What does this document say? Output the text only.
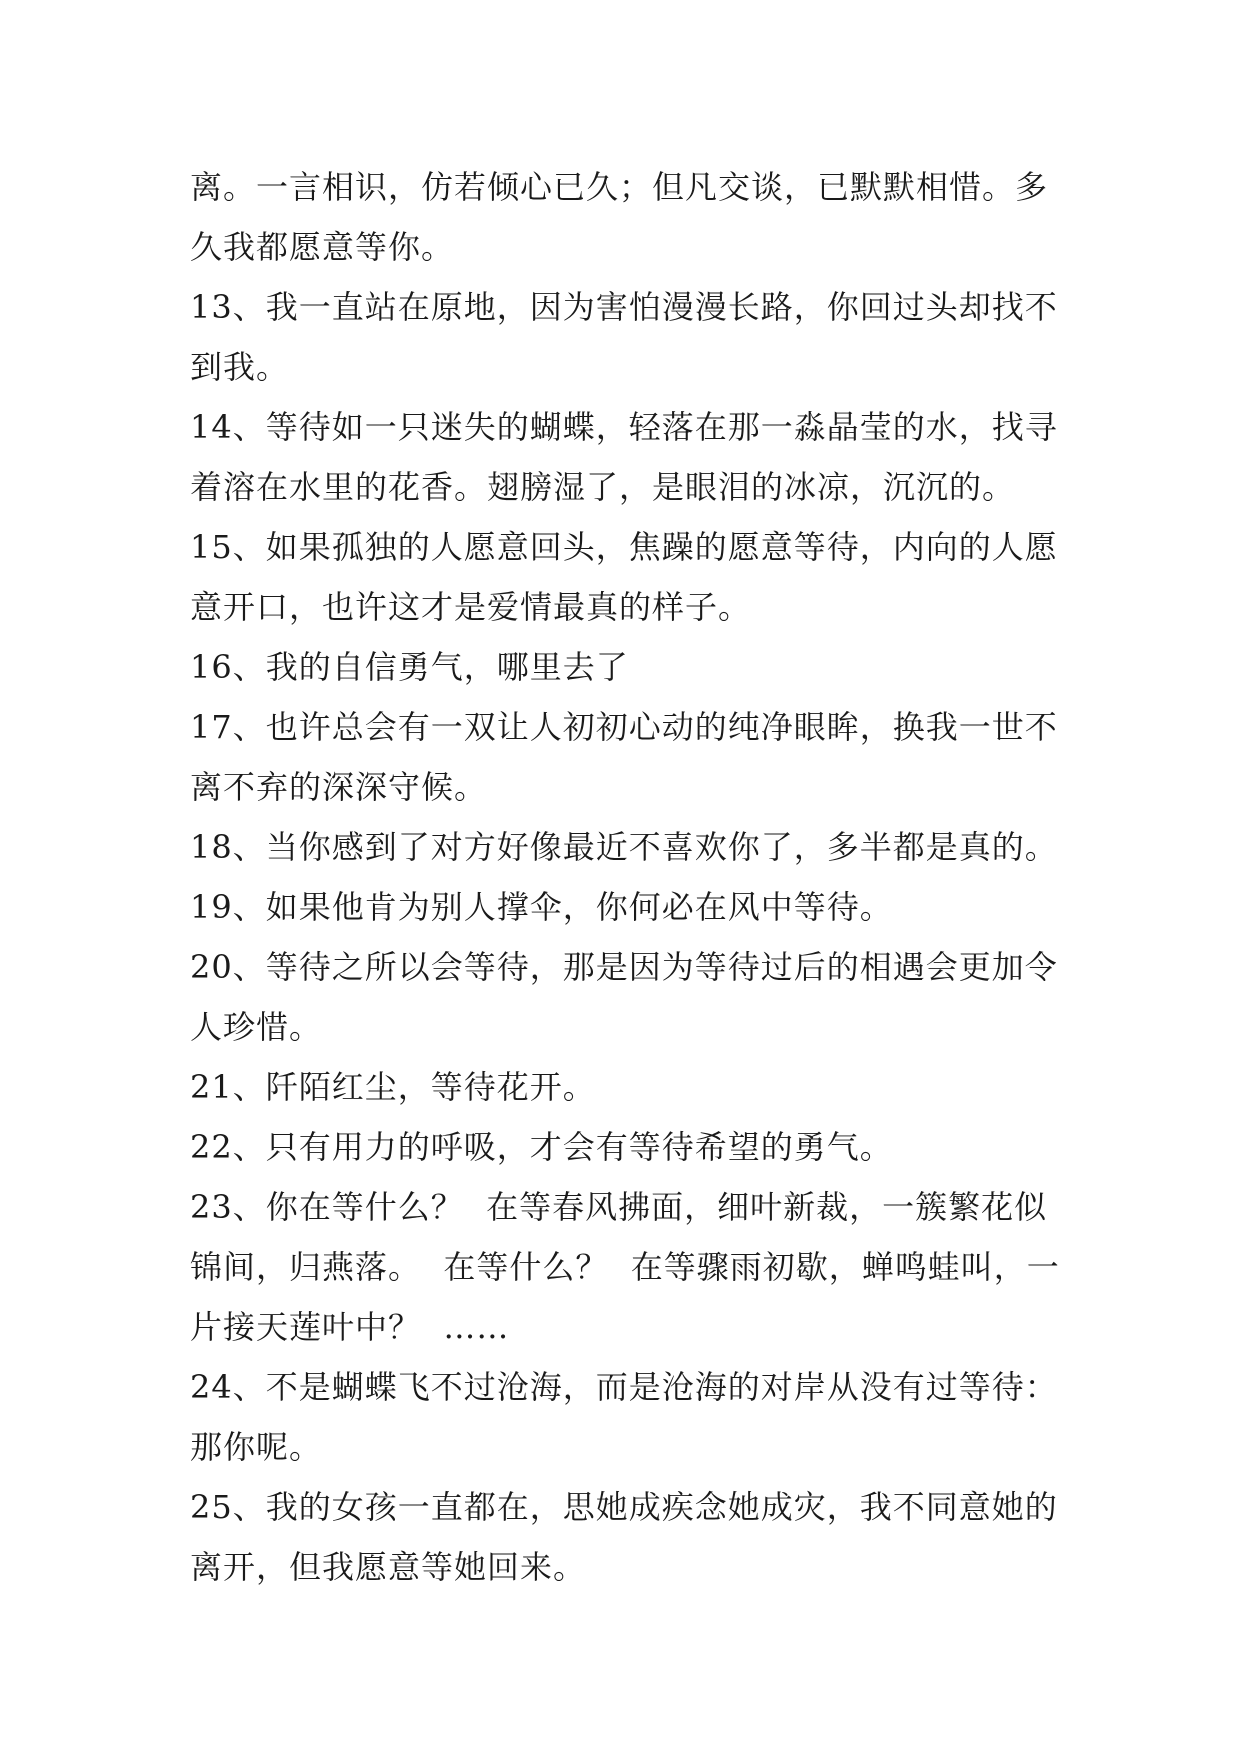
离。一言相识，仿若倾心已久；但凡交谈，已默默相惜。多
久我都愿意等你。
13、我一直站在原地，因为害怕漫漫长路，你回过头却找不
到我。
14、等待如一只迷失的蝴蝶，轻落在那一淼晶莹的水，找寻
着溶在水里的花香。翅膀湿了，是眼泪的冰凉，沉沉的。
15、如果孤独的人愿意回头，焦躁的愿意等待，内向的人愿
意开口，也许这才是爱情最真的样子。
16、我的自信勇气，哪里去了
17、也许总会有一双让人初初心动的纯净眼眸，换我一世不
离不弃的深深守候。
18、当你感到了对方好像最近不喜欢你了，多半都是真的。
19、如果他肯为别人撑伞，你何必在风中等待。
20、等待之所以会等待，那是因为等待过后的相遇会更加令
人珍惜。
21、阡陌红尘，等待花开。
22、只有用力的呼吸，才会有等待希望的勇气。
23、你在等什么？  在等春风拂面，细叶新裁，一簇繁花似
锦间，归燕落。  在等什么？  在等骤雨初歇，蝉鸣蛙叫，一
片接天莲叶中？  ……
24、不是蝴蝶飞不过沧海，而是沧海的对岸从没有过等待：
那你呢。
25、我的女孩一直都在，思她成疾念她成灾，我不同意她的
离开，但我愿意等她回来。
